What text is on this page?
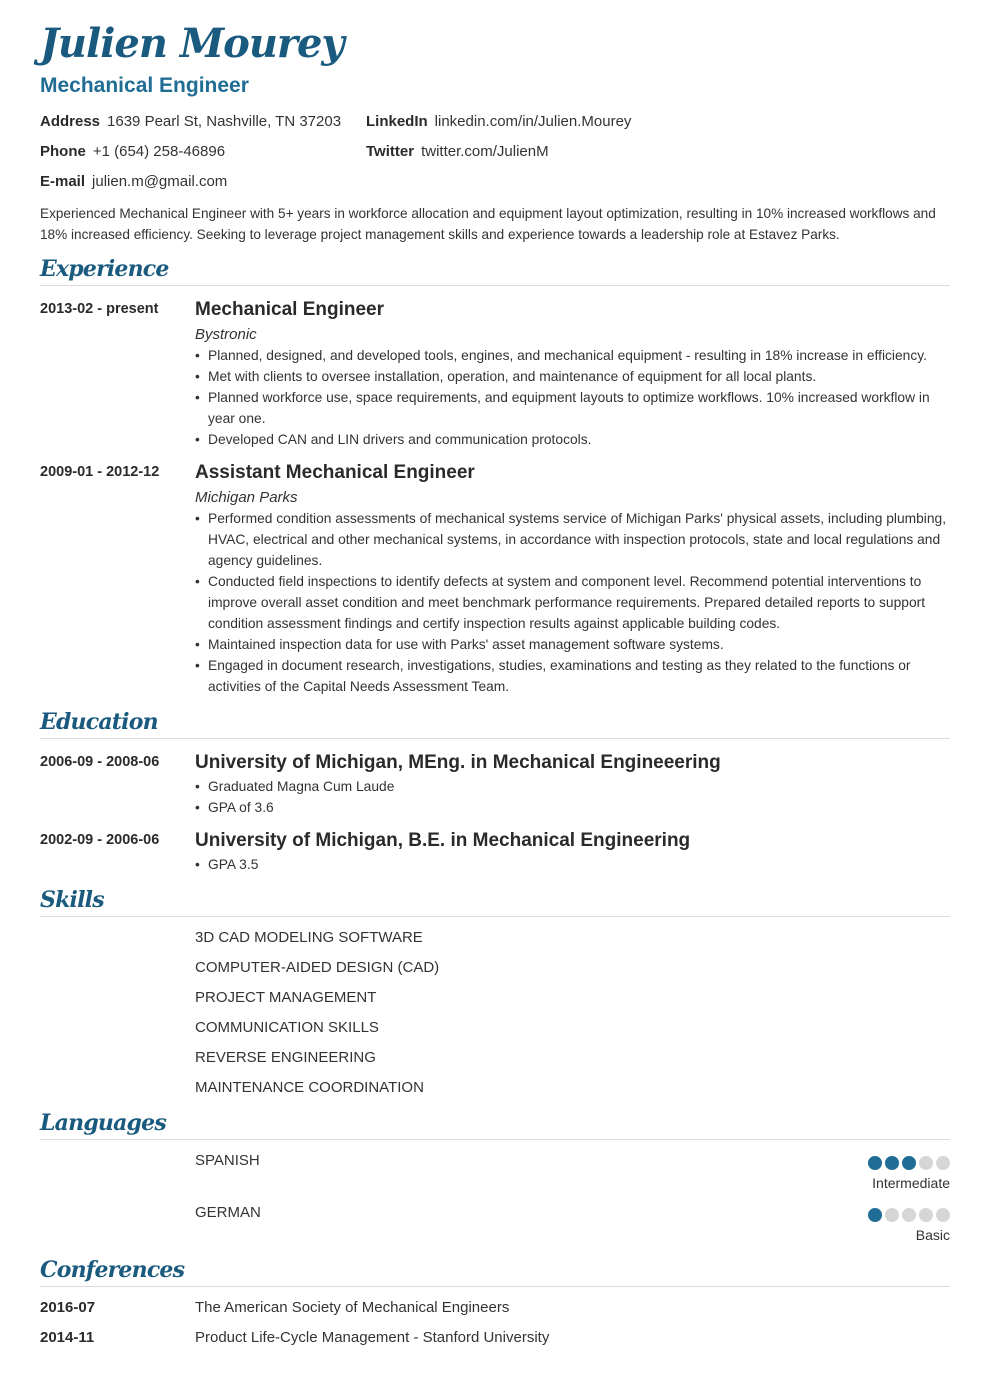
Julien Mourey
Mechanical Engineer
Address 1639 Pearl St, Nashville, TN 37203 LinkedIn linkedin.com/in/Julien.Mourey
Phone +1 (654) 258-46896	Twitter twitter.com/JulienM
E-mail julien.m@gmail.com

Experienced Mechanical Engineer with 5+ years in workforce allocation and equipment layout optimization, resulting in 10% increased workflows and 18% increased efficiency. Seeking to leverage project management skills and experience towards a leadership role at Estavez Parks.

Experience
2013-02 - present Mechanical Engineer
Bystronic
• Planned, designed, and developed tools, engines, and mechanical equipment - resulting in 18% increase in efficiency.
• Met with clients to oversee installation, operation, and maintenance of equipment for all local plants.
• Planned workforce use, space requirements, and equipment layouts to optimize workflows. 10% increased workflow in year one.
• Developed CAN and LIN drivers and communication protocols.
2009-01 - 2012-12 Assistant Mechanical Engineer
Michigan Parks
• Performed condition assessments of mechanical systems service of Michigan Parks' physical assets, including plumbing, HVAC, electrical and other mechanical systems, in accordance with inspection protocols, state and local regulations and agency guidelines.
• Conducted field inspections to identify defects at system and component level. Recommend potential interventions to improve overall asset condition and meet benchmark performance requirements. Prepared detailed reports to support condition assessment findings and certify inspection results against applicable building codes.
• Maintained inspection data for use with Parks' asset management software systems.
• Engaged in document research, investigations, studies, examinations and testing as they related to the functions or activities of the Capital Needs Assessment Team.
Education
2006-09 - 2008-06 University of Michigan, MEng. in Mechanical Engineeering
• Graduated Magna Cum Laude
• GPA of 3.6
2002-09 - 2006-06 University of Michigan, B.E. in Mechanical Engineering
• GPA 3.5
Skills
3D CAD MODELING SOFTWARE
COMPUTER-AIDED DESIGN (CAD)
PROJECT MANAGEMENT
COMMUNICATION SKILLS
REVERSE ENGINEERING
MAINTENANCE COORDINATION
Languages
SPANISH
Intermediate
GERMAN
Basic
Conferences
2016-07	The American Society of Mechanical Engineers
2014-11	Product Life-Cycle Management - Stanford University
